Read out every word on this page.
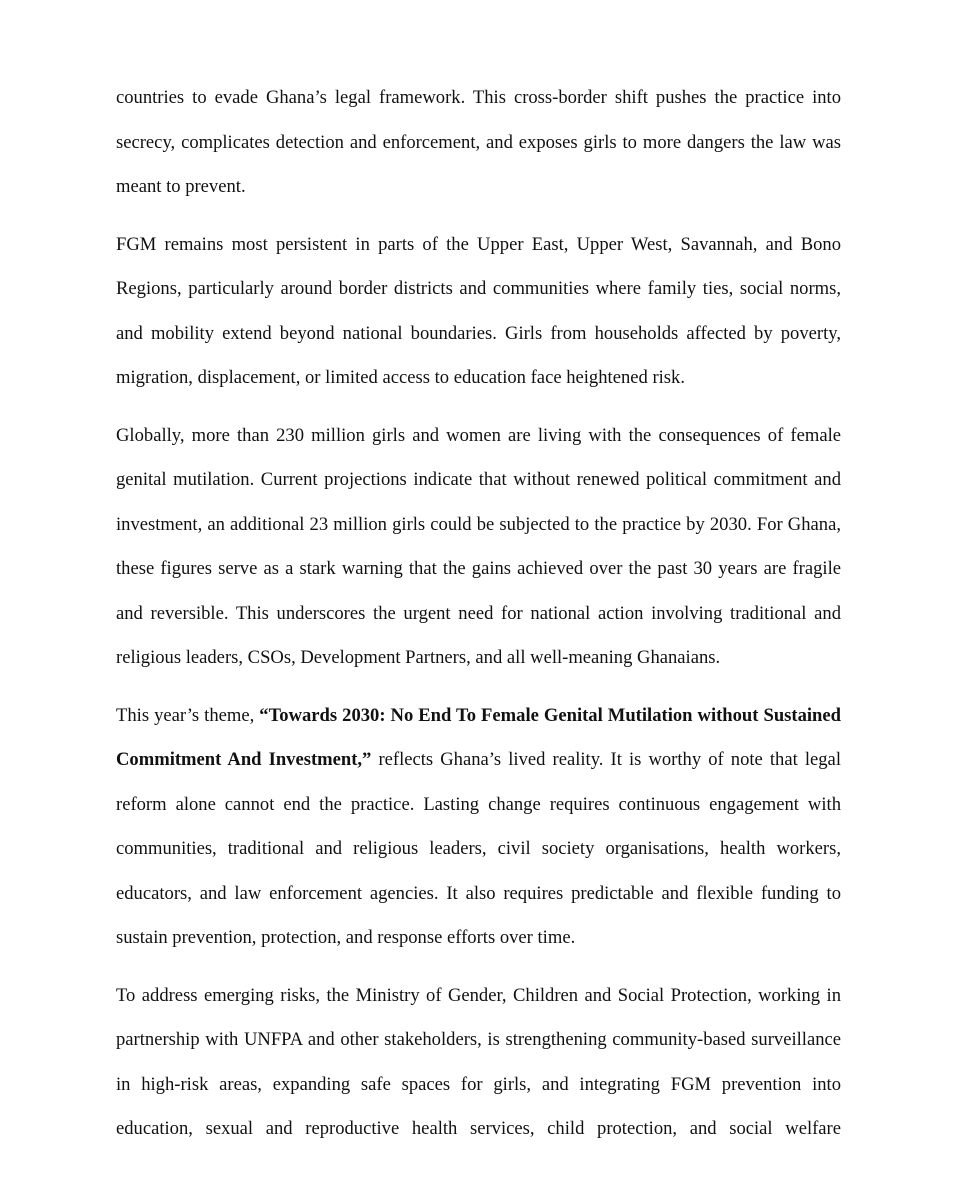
countries to evade Ghana’s legal framework. This cross-border shift pushes the practice into secrecy, complicates detection and enforcement, and exposes girls to more dangers the law was meant to prevent.

FGM remains most persistent in parts of the Upper East, Upper West, Savannah, and Bono Regions, particularly around border districts and communities where family ties, social norms, and mobility extend beyond national boundaries. Girls from households affected by poverty, migration, displacement, or limited access to education face heightened risk.

Globally, more than 230 million girls and women are living with the consequences of female genital mutilation. Current projections indicate that without renewed political commitment and investment, an additional 23 million girls could be subjected to the practice by 2030. For Ghana, these figures serve as a stark warning that the gains achieved over the past 30 years are fragile and reversible. This underscores the urgent need for national action involving traditional and religious leaders, CSOs, Development Partners, and all well-meaning Ghanaians.

This year’s theme, “Towards 2030: No End To Female Genital Mutilation without Sustained Commitment And Investment,” reflects Ghana’s lived reality. It is worthy of note that legal reform alone cannot end the practice. Lasting change requires continuous engagement with communities, traditional and religious leaders, civil society organisations, health workers, educators, and law enforcement agencies. It also requires predictable and flexible funding to sustain prevention, protection, and response efforts over time.

To address emerging risks, the Ministry of Gender, Children and Social Protection, working in partnership with UNFPA and other stakeholders, is strengthening community-based surveillance in high-risk areas, expanding safe spaces for girls, and integrating FGM prevention into education, sexual and reproductive health services, child protection, and social welfare
